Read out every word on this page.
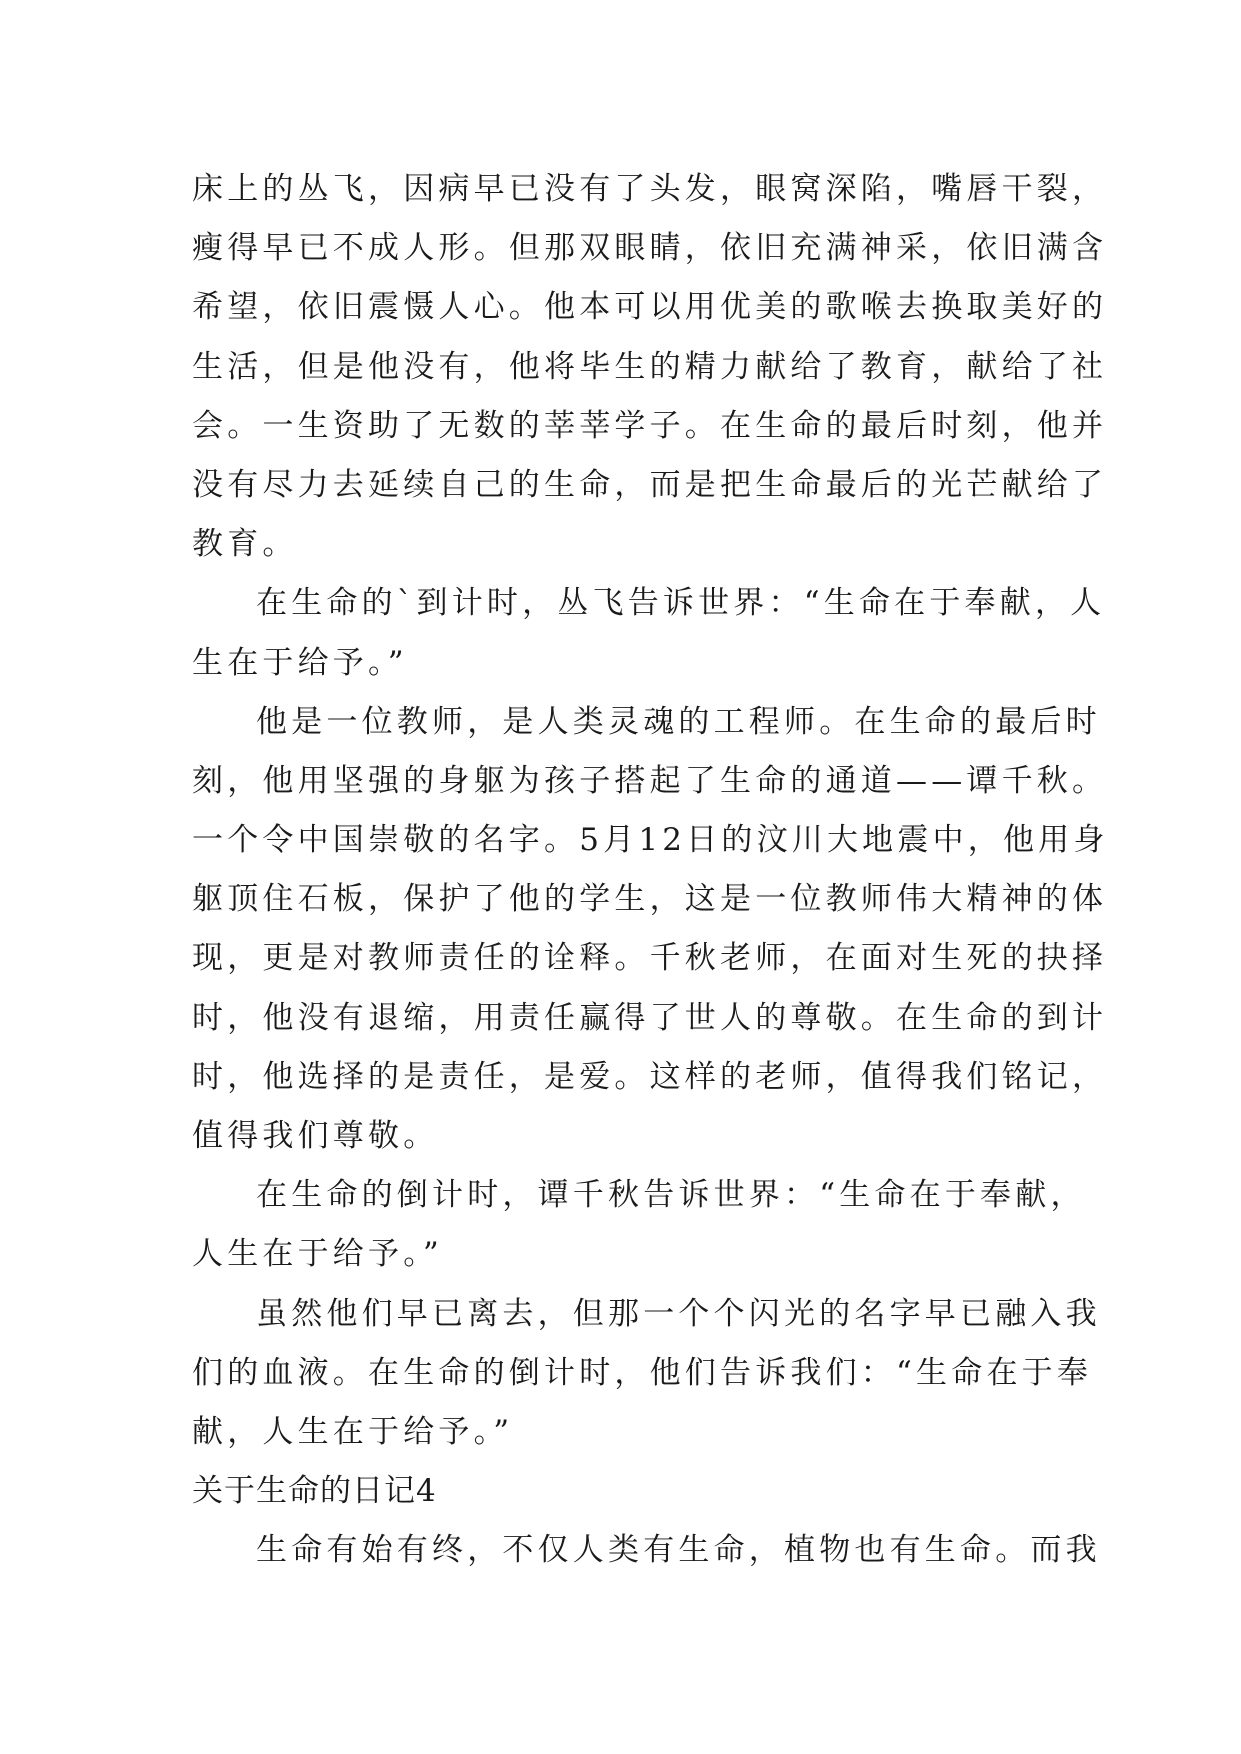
床上的丛飞，因病早已没有了头发，眼窝深陷，嘴唇干裂，
瘦得早已不成人形。但那双眼睛，依旧充满神采，依旧满含
希望，依旧震慑人心。他本可以用优美的歌喉去换取美好的
生活，但是他没有，他将毕生的精力献给了教育，献给了社
会。一生资助了无数的莘莘学子。在生命的最后时刻，他并
没有尽力去延续自己的生命，而是把生命最后的光芒献给了
教育。
在生命的`到计时，丛飞告诉世界：“生命在于奉献，人
生在于给予。”
他是一位教师，是人类灵魂的工程师。在生命的最后时
刻，他用坚强的身躯为孩子搭起了生命的通道——谭千秋。
一个令中国崇敬的名字。5月12日的汶川大地震中，他用身
躯顶住石板，保护了他的学生，这是一位教师伟大精神的体
现，更是对教师责任的诠释。千秋老师，在面对生死的抉择
时，他没有退缩，用责任赢得了世人的尊敬。在生命的到计
时，他选择的是责任，是爱。这样的老师，值得我们铭记，
值得我们尊敬。
在生命的倒计时，谭千秋告诉世界：“生命在于奉献，
人生在于给予。”
虽然他们早已离去，但那一个个闪光的名字早已融入我
们的血液。在生命的倒计时，他们告诉我们：“生命在于奉
献，人生在于给予。”
关于生命的日记4
生命有始有终，不仅人类有生命，植物也有生命。而我
